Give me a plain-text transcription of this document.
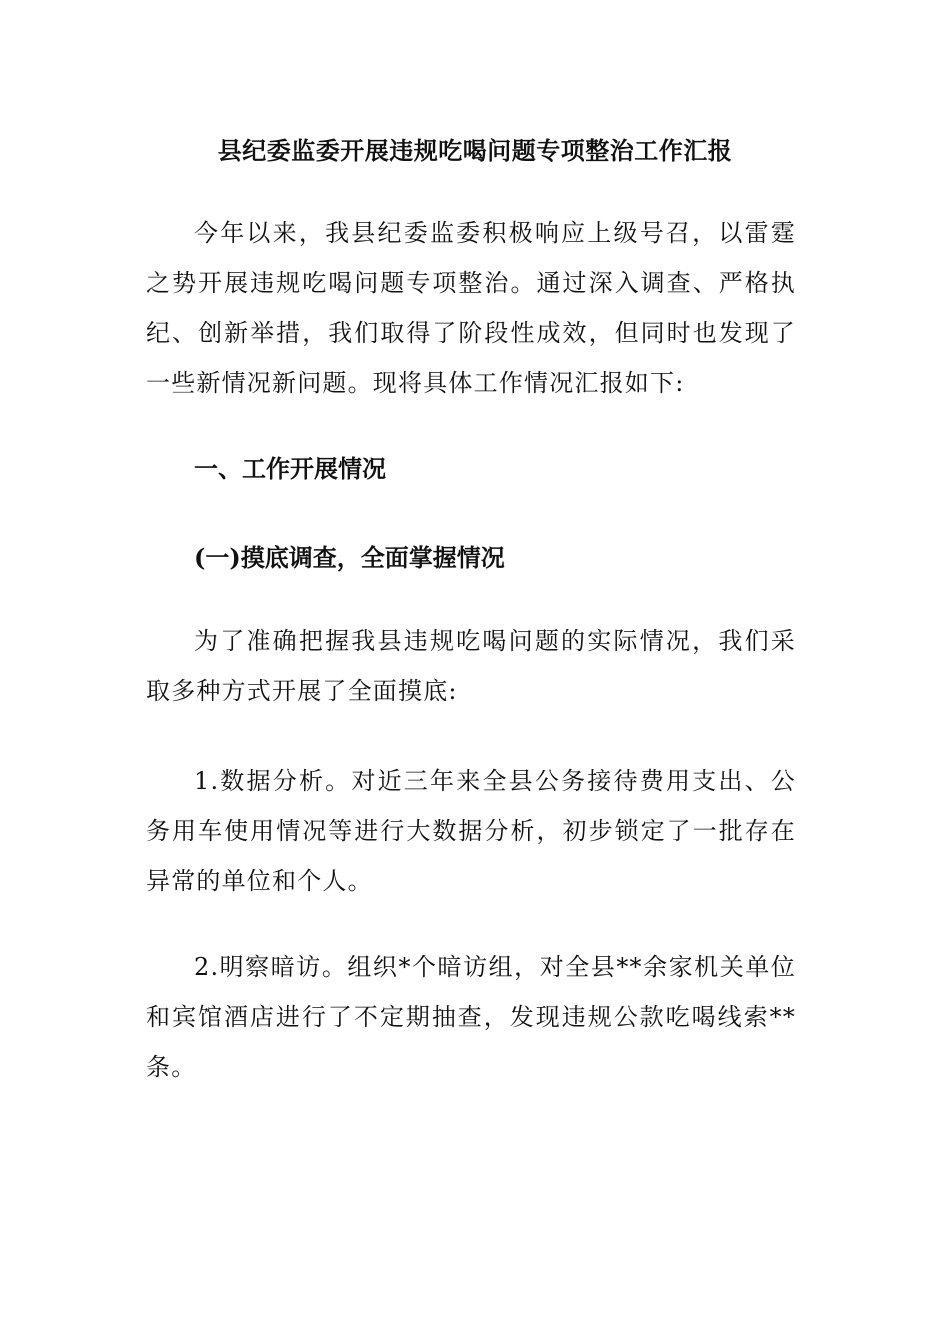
县纪委监委开展违规吃喝问题专项整治工作汇报

今年以来，我县纪委监委积极响应上级号召，以雷霆之势开展违规吃喝问题专项整治。通过深入调查、严格执纪、创新举措，我们取得了阶段性成效，但同时也发现了一些新情况新问题。现将具体工作情况汇报如下:

一、工作开展情况

(一)摸底调查，全面掌握情况

为了准确把握我县违规吃喝问题的实际情况，我们采取多种方式开展了全面摸底:

1.数据分析。对近三年来全县公务接待费用支出、公务用车使用情况等进行大数据分析，初步锁定了一批存在异常的单位和个人。

2.明察暗访。组织*个暗访组，对全县**余家机关单位和宾馆酒店进行了不定期抽查，发现违规公款吃喝线索**条。
